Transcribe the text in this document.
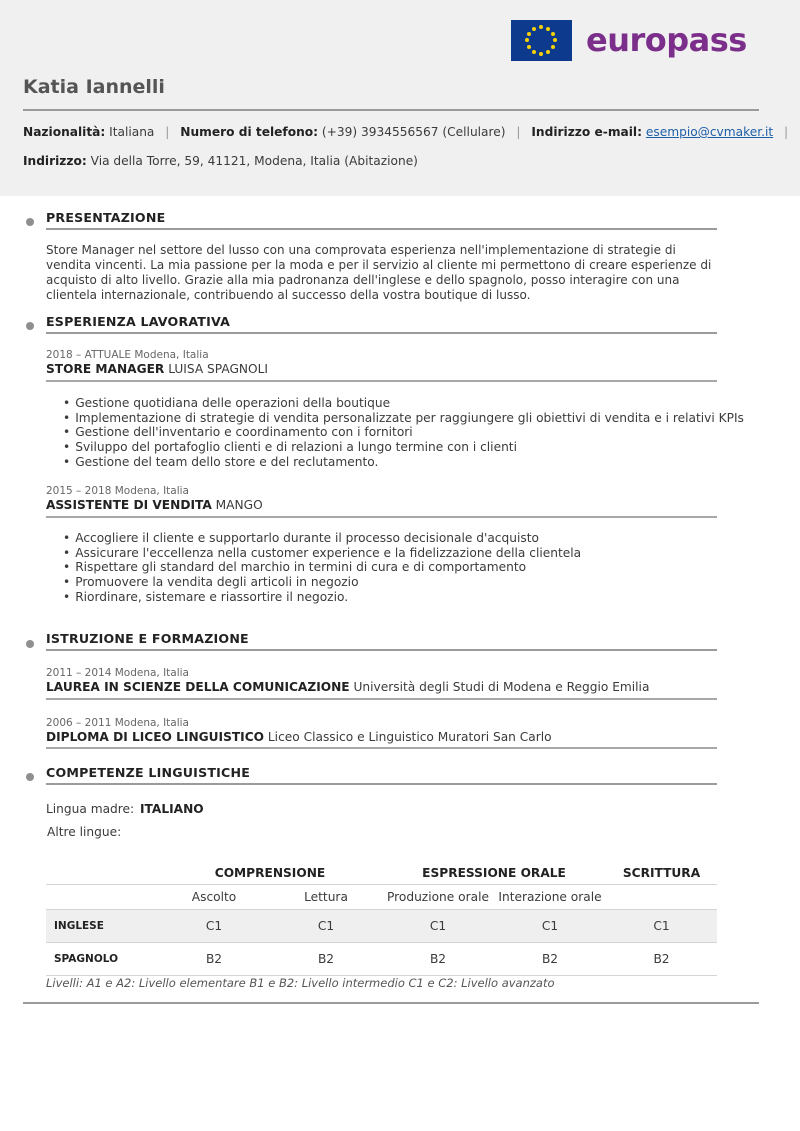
europass
Katia Iannelli
Nazionalità: Italiana | Numero di telefono: (+39) 3934556567 (Cellulare) | Indirizzo e-mail: esempio@cvmaker.it |
Indirizzo: Via della Torre, 59, 41121, Modena, Italia (Abitazione)
PRESENTAZIONE
Store Manager nel settore del lusso con una comprovata esperienza nell'implementazione di strategie di vendita vincenti. La mia passione per la moda e per il servizio al cliente mi permettono di creare esperienze di acquisto di alto livello. Grazie alla mia padronanza dell'inglese e dello spagnolo, posso interagire con una clientela internazionale, contribuendo al successo della vostra boutique di lusso.
ESPERIENZA LAVORATIVA
2018 – ATTUALE Modena, Italia
STORE MANAGER LUISA SPAGNOLI
• Gestione quotidiana delle operazioni della boutique
• Implementazione di strategie di vendita personalizzate per raggiungere gli obiettivi di vendita e i relativi KPIs
• Gestione dell'inventario e coordinamento con i fornitori
• Sviluppo del portafoglio clienti e di relazioni a lungo termine con i clienti
• Gestione del team dello store e del reclutamento.
2015 – 2018 Modena, Italia
ASSISTENTE DI VENDITA MANGO
• Accogliere il cliente e supportarlo durante il processo decisionale d'acquisto
• Assicurare l'eccellenza nella customer experience e la fidelizzazione della clientela
• Rispettare gli standard del marchio in termini di cura e di comportamento
• Promuovere la vendita degli articoli in negozio
• Riordinare, sistemare e riassortire il negozio.
ISTRUZIONE E FORMAZIONE
2011 – 2014 Modena, Italia
LAUREA IN SCIENZE DELLA COMUNICAZIONE Università degli Studi di Modena e Reggio Emilia
2006 – 2011 Modena, Italia
DIPLOMA DI LICEO LINGUISTICO Liceo Classico e Linguistico Muratori San Carlo
COMPETENZE LINGUISTICHE
Lingua madre: ITALIANO
Altre lingue:
	COMPRENSIONE		ESPRESSIONE ORALE		SCRITTURA
	Ascolto	Lettura	Produzione orale	Interazione orale	
INGLESE	C1	C1	C1	C1	C1
SPAGNOLO	B2	B2	B2	B2	B2
Livelli: A1 e A2: Livello elementare B1 e B2: Livello intermedio C1 e C2: Livello avanzato
